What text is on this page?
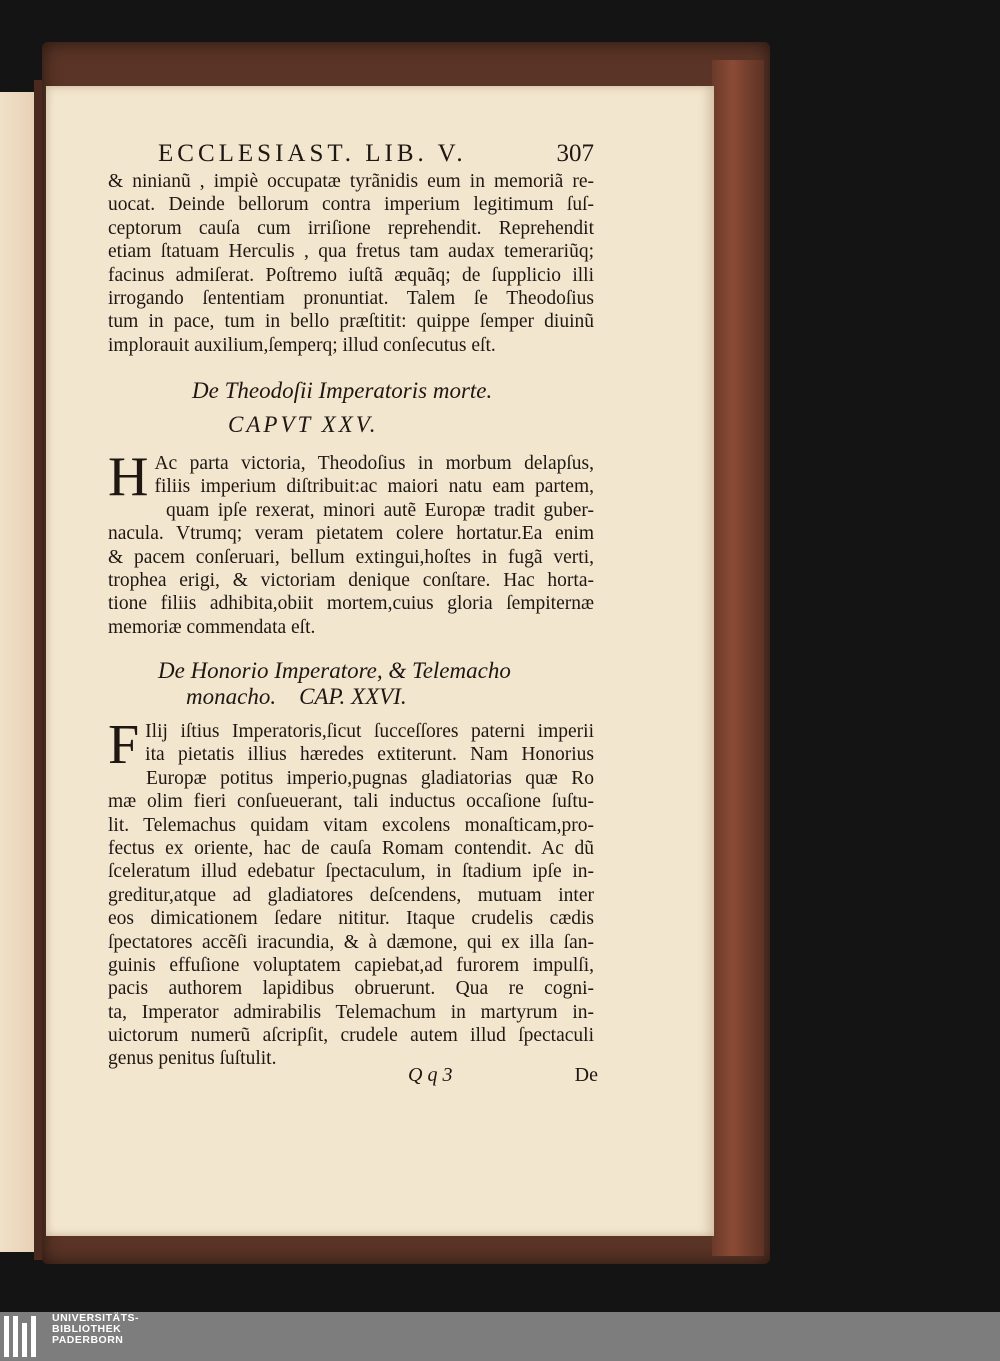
ECCLESIAST. LIB. V.	307

& ninianũ , impiè occupatæ tyrãnidis eum in memoriã re-
uocat. Deinde bellorum contra imperium legitimum ſuſ-
ceptorum cauſa cum irriſione reprehendit. Reprehendit
etiam ſtatuam Herculis , qua fretus tam audax temerariũq;
facinus admiſerat. Poſtremo iuſtã æquãq; de ſupplicio illi
irrogando ſententiam pronuntiat. Talem ſe Theodoſius
tum in pace, tum in bello præſtitit: quippe ſemper diuinũ
implorauit auxilium,ſemperq; illud conſecutus eſt.

De Theodoſii Imperatoris morte.
CAPVT XXV.

H Ac parta victoria, Theodoſius in morbum delapſus,
filiis imperium diſtribuit:ac maiori natu eam partem,
quam ipſe rexerat, minori autẽ Europæ tradit guber-
nacula. Vtrumq; veram pietatem colere hortatur.Ea enim
& pacem conſeruari, bellum extingui,hoſtes in fugã verti,
trophea erigi, & victoriam denique conſtare. Hac horta-
tione filiis adhibita,obiit mortem,cuius gloria ſempiternæ
memoriæ commendata eſt.

De Honorio Imperatore, & Telemacho
monacho.    CAP. XXVI.

F Ilij iſtius Imperatoris,ſicut ſucceſſores paterni imperii
ita pietatis illius hæredes extiterunt. Nam Honorius
Europæ potitus imperio,pugnas gladiatorias quæ Ro
mæ olim fieri conſueuerant, tali inductus occaſione ſuſtu-
lit. Telemachus quidam vitam excolens monaſticam,pro-
fectus ex oriente, hac de cauſa Romam contendit. Ac dũ
ſceleratum illud edebatur ſpectaculum, in ſtadium ipſe in-
greditur,atque ad gladiatores deſcendens, mutuam inter
eos dimicationem ſedare nititur. Itaque crudelis cædis
ſpectatores accẽſi iracundia, & à dæmone, qui ex illa ſan-
guinis effuſione voluptatem capiebat,ad furorem impulſi,
pacis authorem lapidibus obruerunt. Qua re cogni-
ta, Imperator admirabilis Telemachum in martyrum in-
uictorum numerũ aſcripſit, crudele autem illud ſpectaculi
genus penitus ſuſtulit.

Q q 3	De
UNIVERSITÄTS-
BIBLIOTHEK
PADERBORN
